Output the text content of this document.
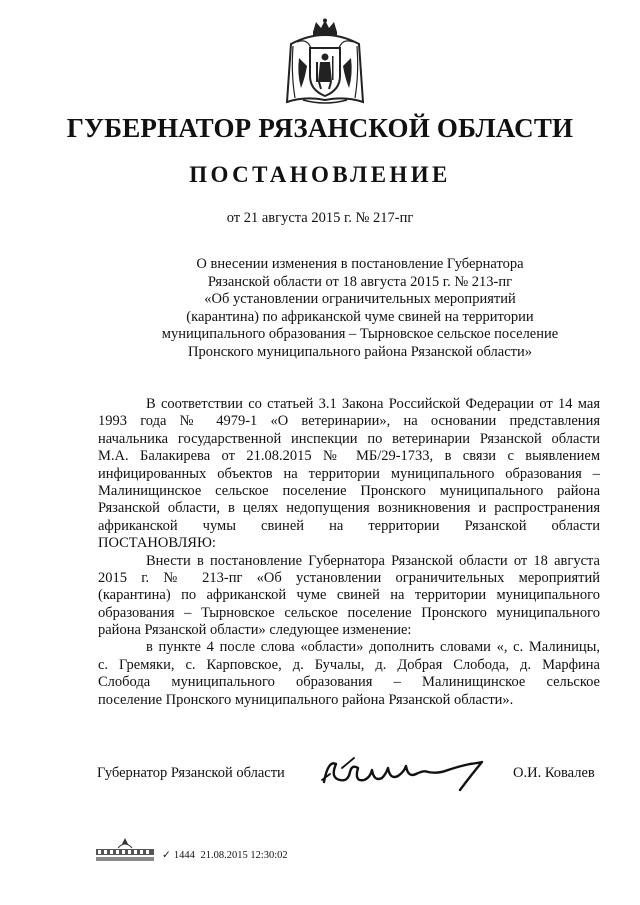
ГУБЕРНАТОР РЯЗАНСКОЙ ОБЛАСТИ
ПОСТАНОВЛЕНИЕ
от 21 августа 2015 г. № 217-пг
О внесении изменения в постановление Губернатора
Рязанской области от 18 августа 2015 г. № 213-пг
«Об установлении ограничительных мероприятий
(карантина) по африканской чуме свиней на территории
муниципального образования – Тырновское сельское поселение
Пронского муниципального района Рязанской области»
В соответствии со статьей 3.1 Закона Российской Федерации от 14 мая
1993 года № 4979-1 «О ветеринарии», на основании представления
начальника государственной инспекции по ветеринарии Рязанской области
М.А. Балакирева от 21.08.2015 № МБ/29-1733, в связи с выявлением
инфицированных объектов на территории муниципального образования –
Малинищинское сельское поселение Пронского муниципального района
Рязанской области, в целях недопущения возникновения и распространения
африканской чумы свиней на территории Рязанской области
ПОСТАНОВЛЯЮ:
Внести в постановление Губернатора Рязанской области от 18 августа
2015 г. № 213-пг «Об установлении ограничительных мероприятий
(карантина) по африканской чуме свиней на территории муниципального
образования – Тырновское сельское поселение Пронского муниципального
района Рязанской области» следующее изменение:
в пункте 4 после слова «области» дополнить словами «, с. Малиницы,
с. Гремяки, с. Карповское, д. Бучалы, д. Добрая Слобода, д. Марфина
Слобода муниципального образования – Малинищинское сельское
поселение Пронского муниципального района Рязанской области».
Губернатор Рязанской области	О.И. Ковалев
✓ 1444 21.08.2015 12:30:02
